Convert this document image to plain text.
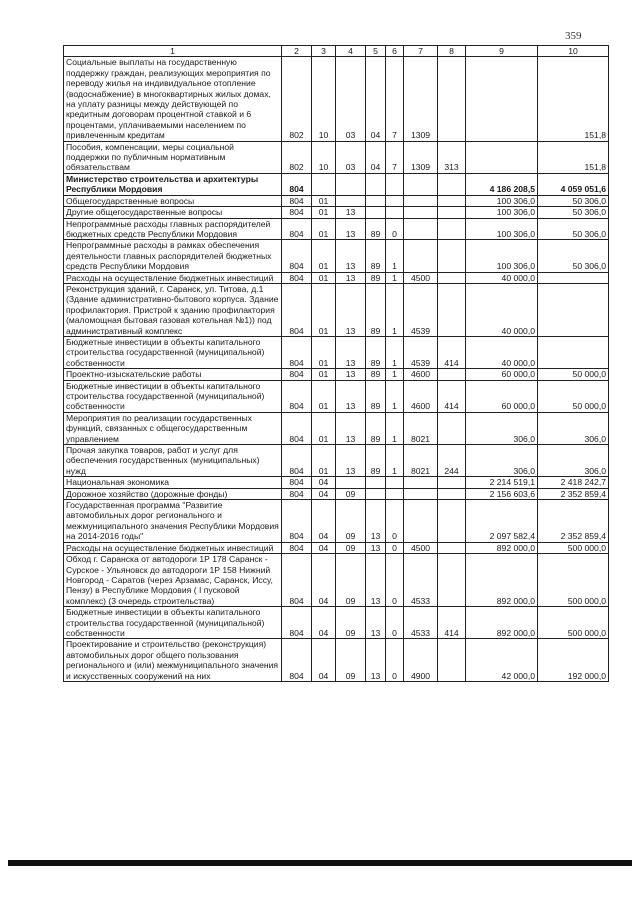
359
1	2	3	4	5	6	7	8	9	10
Социальные выплаты на государственную поддержку граждан, реализующих мероприятия по переводу жилья на индивидуальное отопление (водоснабжение) в многоквартирных жилых домах, на уплату разницы между действующей по кредитным договорам процентной ставкой и 6 процентами, уплачиваемыми населением по привлеченным кредитам	802	10	03	04	7	1309			151,8
Пособия, компенсации, меры социальной поддержки по публичным нормативным обязательствам	802	10	03	04	7	1309	313		151,8
Министерство строительства и архитектуры Республики Мордовия	804							4 186 208,5	4 059 051,6
Общегосударственные вопросы	804	01						100 306,0	50 306,0
Другие общегосударственные вопросы	804	01	13					100 306,0	50 306,0
Непрограммные расходы главных распорядителей бюджетных средств Республики Мордовия	804	01	13	89	0			100 306,0	50 306,0
Непрограммные расходы в рамках обеспечения деятельности главных распорядителей бюджетных средств Республики Мордовия	804	01	13	89	1			100 306,0	50 306,0
Расходы на осуществление бюджетных инвестиций	804	01	13	89	1	4500		40 000,0	
Реконструкция зданий, г. Саранск, ул. Титова, д.1 (Здание административно-бытового корпуса. Здание профилактория. Пристрой к зданию профилактория (маломощная бытовая газовая котельная №1)) под административный комплекс	804	01	13	89	1	4539		40 000,0	
Бюджетные инвестиции в объекты капитального строительства государственной (муниципальной) собственности	804	01	13	89	1	4539	414	40 000,0	
Проектно-изыскательские работы	804	01	13	89	1	4600		60 000,0	50 000,0
Бюджетные инвестиции в объекты капитального строительства государственной (муниципальной) собственности	804	01	13	89	1	4600	414	60 000,0	50 000,0
Мероприятия по реализации государственных функций, связанных с общегосударственным управлением	804	01	13	89	1	8021		306,0	306,0
Прочая закупка товаров, работ и услуг для обеспечения государственных (муниципальных) нужд	804	01	13	89	1	8021	244	306,0	306,0
Национальная экономика	804	04						2 214 519,1	2 418 242,7
Дорожное хозяйство (дорожные фонды)	804	04	09					2 156 603,6	2 352 859,4
Государственная программа "Развитие автомобильных дорог регионального и межмуниципального значения Республики Мордовия на 2014-2016 годы"	804	04	09	13	0			2 097 582,4	2 352 859,4
Расходы на осуществление бюджетных инвестиций	804	04	09	13	0	4500		892 000,0	500 000,0
Обход г. Саранска от автодороги 1Р 178 Саранск - Сурское - Ульяновск до автодороги 1Р 158 Нижний Новгород - Саратов (через Арзамас, Саранск, Иссу, Пензу) в Республике Мордовия ( I пусковой комплекс) (3 очередь строительства)	804	04	09	13	0	4533		892 000,0	500 000,0
Бюджетные инвестиции в объекты капитального строительства государственной (муниципальной) собственности	804	04	09	13	0	4533	414	892 000,0	500 000,0
Проектирование и строительство (реконструкция) автомобильных дорог общего пользования регионального и (или) межмуниципального значения и искусственных сооружений на них	804	04	09	13	0	4900		42 000,0	192 000,0
